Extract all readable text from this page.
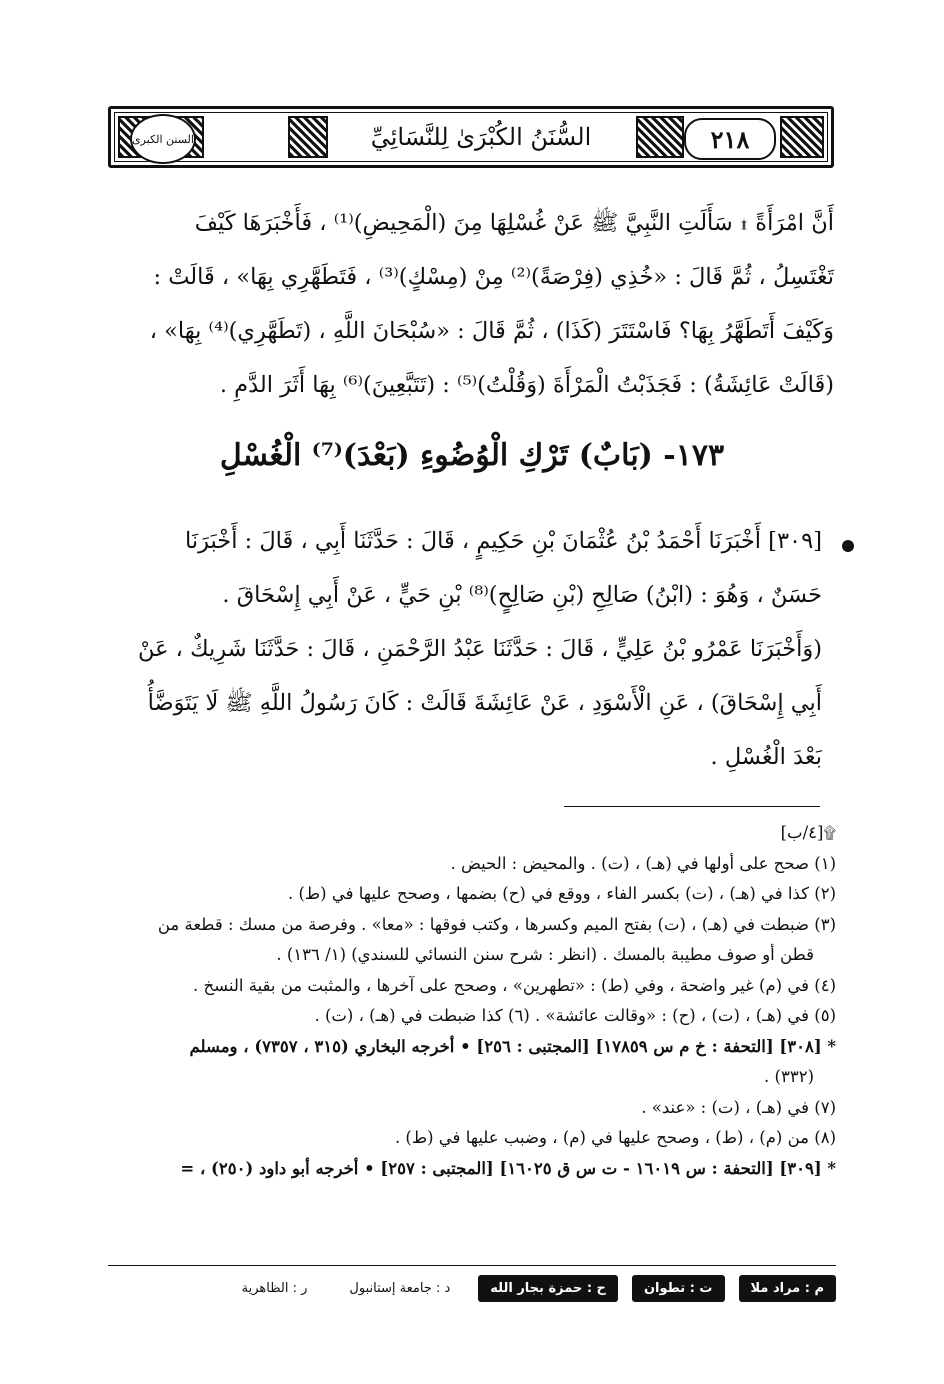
السنن الكبرى	السُّنَنُ الكُبْرَىٰ لِلنَّسَائِيِّ	٢١٨
أَنَّ امْرَأَةً ۩ سَأَلَتِ النَّبِيَّ ﷺ عَنْ غُسْلِهَا مِنَ (الْمَحِيضِ)⁽¹⁾ ، فَأَخْبَرَهَا كَيْفَ
تَغْتَسِلُ ، ثُمَّ قَالَ : «خُذِي (فِرْصَةً)⁽²⁾ مِنْ (مِسْكٍ)⁽³⁾ ، فَتَطَهَّرِي بِهَا» ، قَالَتْ :
وَكَيْفَ أَتَطَهَّرُ بِهَا؟ فَاسْتَتَرَ (كَذَا) ، ثُمَّ قَالَ : «سُبْحَانَ اللَّهِ ، (تَطَهَّرِي)⁽⁴⁾ بِهَا» ،
(قَالَتْ عَائِشَةُ) : فَجَذَبْتُ الْمَرْأَةَ (وَقُلْتُ)⁽⁵⁾ : (تَتَبَّعِينَ)⁽⁶⁾ بِهَا أَثَرَ الدَّمِ .
١٧٣- (بَابٌ) تَرْكِ الْوُضُوءِ (بَعْدَ)⁽⁷⁾ الْغُسْلِ
[٣٠٩] أَخْبَرَنَا أَحْمَدُ بْنُ عُثْمَانَ بْنِ حَكِيمٍ ، قَالَ : حَدَّثَنَا أَبِي ، قَالَ : أَخْبَرَنَا
حَسَنٌ ، وَهُوَ : (ابْنُ) صَالِحِ (بْنِ صَالِحٍ)⁽⁸⁾ بْنِ حَيٍّ ، عَنْ أَبِي إِسْحَاقَ .
(وَأَخْبَرَنَا عَمْرُو بْنُ عَلِيٍّ ، قَالَ : حَدَّثَنَا عَبْدُ الرَّحْمَنِ ، قَالَ : حَدَّثَنَا شَرِيكٌ ، عَنْ
أَبِي إِسْحَاقَ) ، عَنِ الْأَسْوَدِ ، عَنْ عَائِشَةَ قَالَتْ : كَانَ رَسُولُ اللَّهِ ﷺ لَا يَتَوَضَّأُ
بَعْدَ الْغُسْلِ .
۩[٤/ب]
(١) صحح على أولها في (هـ) ، (ت) . والمحيض : الحيض .
(٢) كذا في (هـ) ، (ت) بكسر الفاء ، ووقع في (ح) بضمها ، وصحح عليها في (ط) .
(٣) ضبطت في (هـ) ، (ت) بفتح الميم وكسرها ، وكتب فوقها : «معا» . وفرصة من مسك : قطعة من
قطن أو صوف مطيبة بالمسك . (انظر : شرح سنن النسائي للسندي) (١/ ١٣٦) .
(٤) في (م) غير واضحة ، وفي (ط) : «تطهرين» ، وصحح على آخرها ، والمثبت من بقية النسخ .
(٥) في (هـ) ، (ت) ، (ح) : «وقالت عائشة» . (٦) كذا ضبطت في (هـ) ، (ت) .
* [٣٠٨] [التحفة : خ م س ١٧٨٥٩] [المجتبى : ٢٥٦] • أخرجه البخاري (٣١٥ ، ٧٣٥٧) ، ومسلم
(٣٣٢) .
(٧) في (هـ) ، (ت) : «عند» .
(٨) من (م) ، (ط) ، وصحح عليها في (م) ، وضبب عليها في (ط) .
* [٣٠٩] [التحفة : س ١٦٠١٩ - ت س ق ١٦٠٢٥] [المجتبى : ٢٥٧] • أخرجه أبو داود (٢٥٠) ، =
م : مراد ملا
ت : تطوان
ح : حمزة بجار الله
د : جامعة إستانبول
ر : الظاهرية
